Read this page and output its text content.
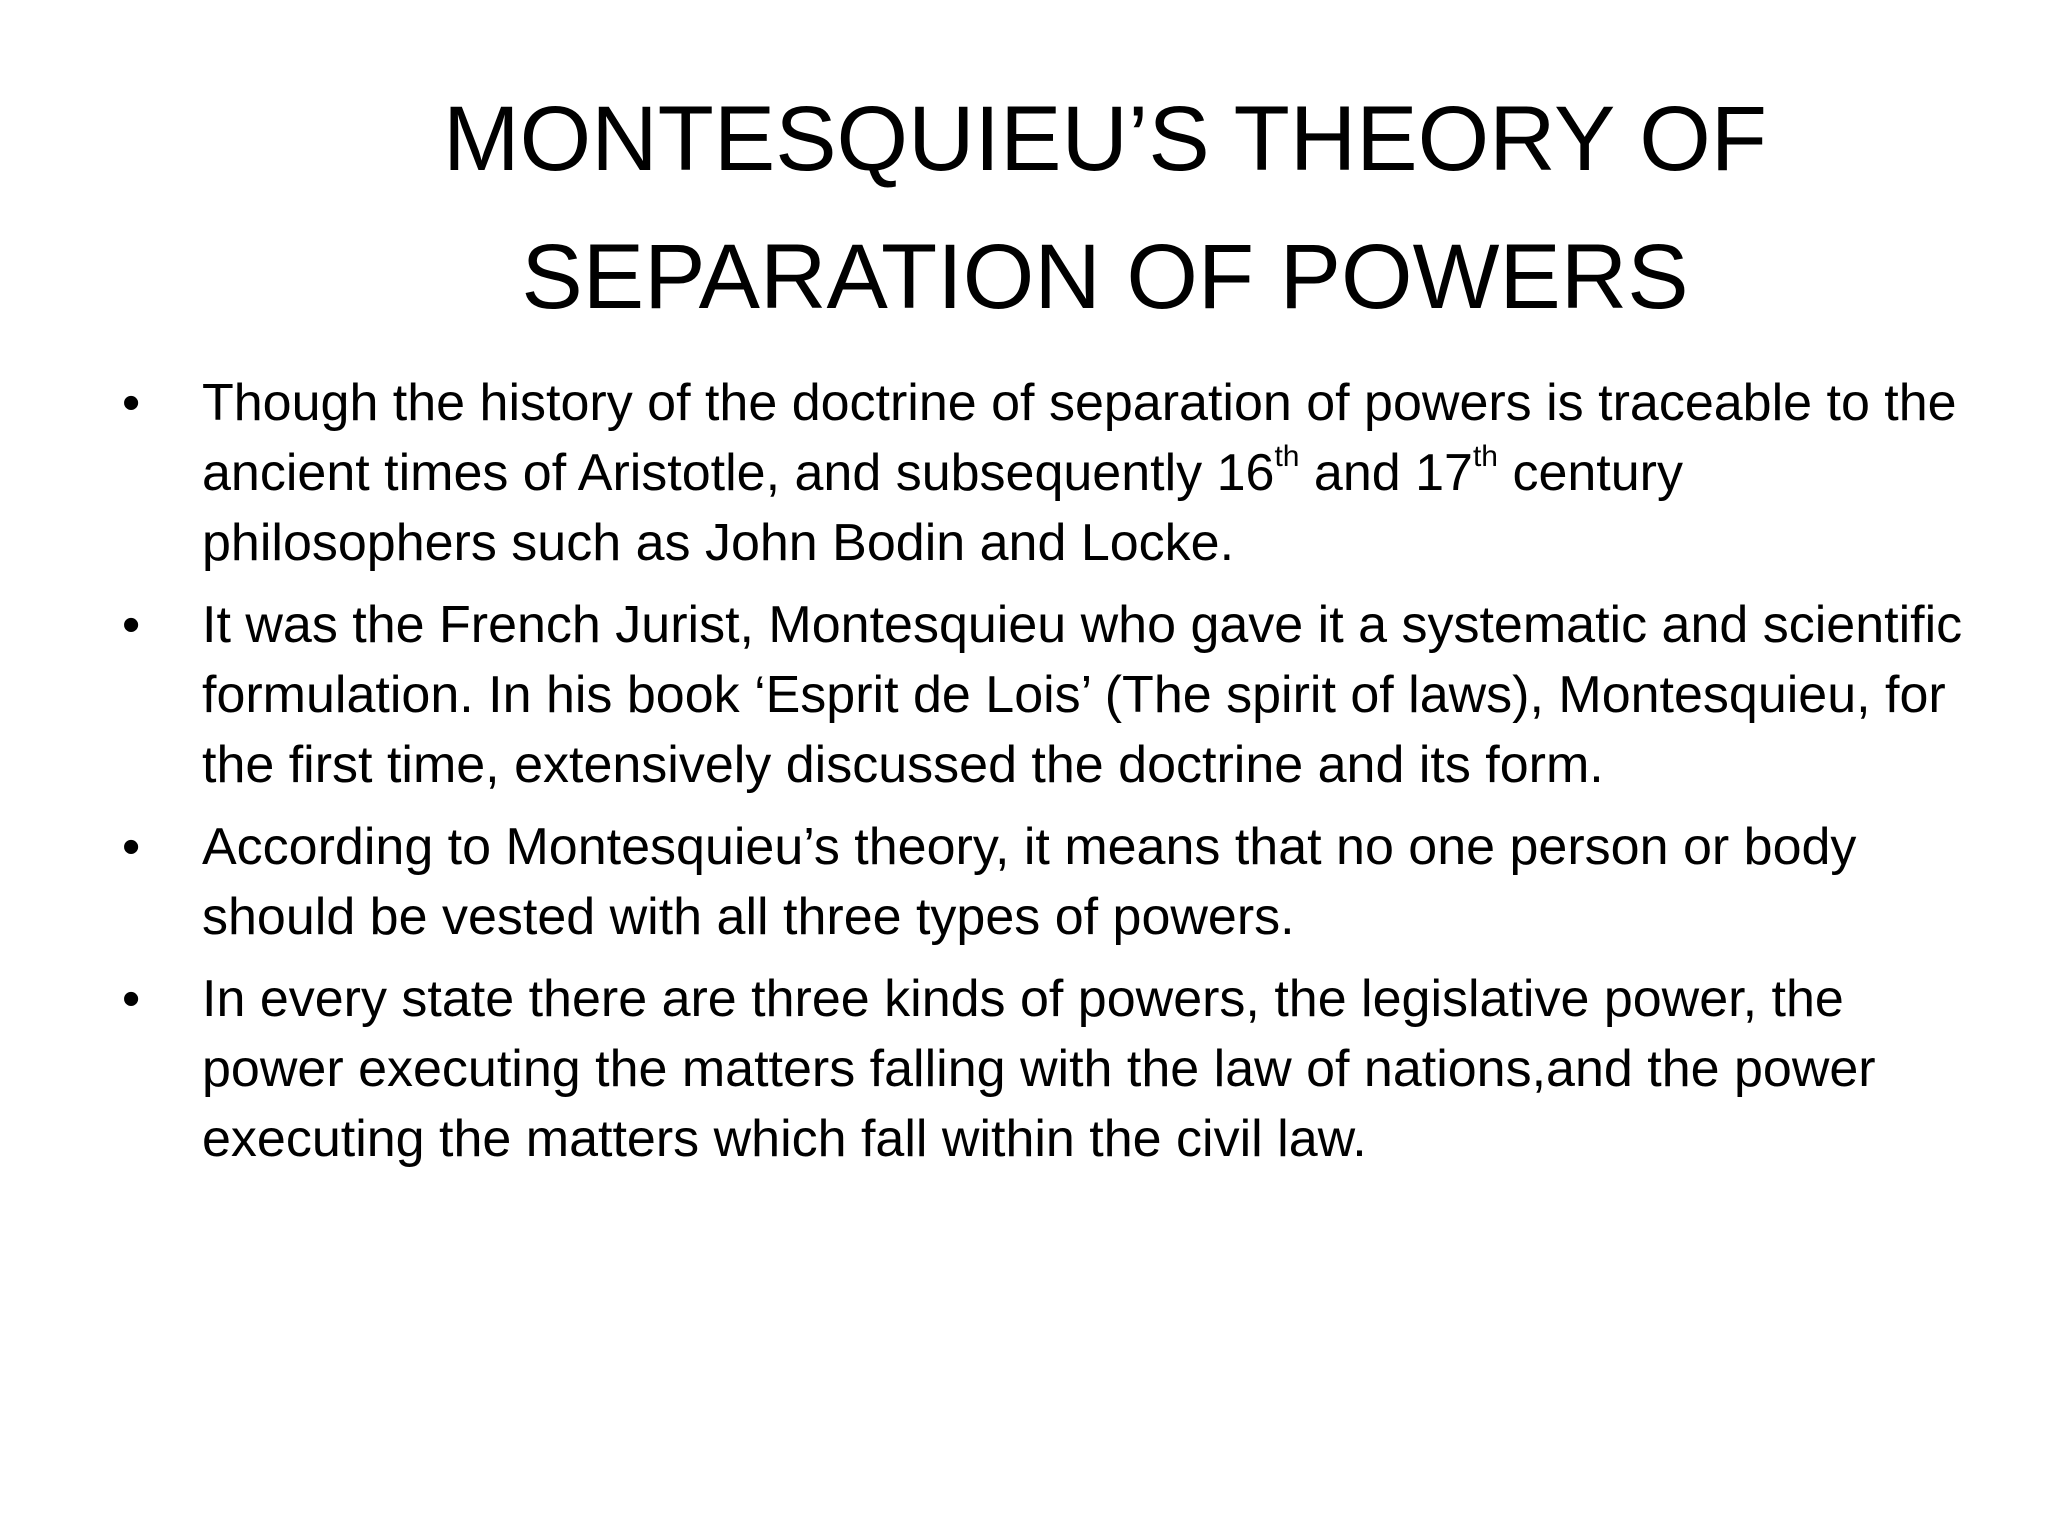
MONTESQUIEU’S THEORY OF
SEPARATION OF POWERS
• Though the history of the doctrine of separation of powers is traceable to the ancient times of Aristotle, and subsequently 16th and 17th century philosophers such as John Bodin and Locke.
• It was the French Jurist, Montesquieu who gave it a systematic and scientific formulation. In his book ‘Esprit de Lois’ (The spirit of laws), Montesquieu, for the first time, extensively discussed the doctrine and its form.
• According to Montesquieu’s theory, it means that no one person or body should be vested with all three types of powers.
• In every state there are three kinds of powers, the legislative power, the power executing the matters falling with the law of nations,and the power executing the matters which fall within the civil law.
